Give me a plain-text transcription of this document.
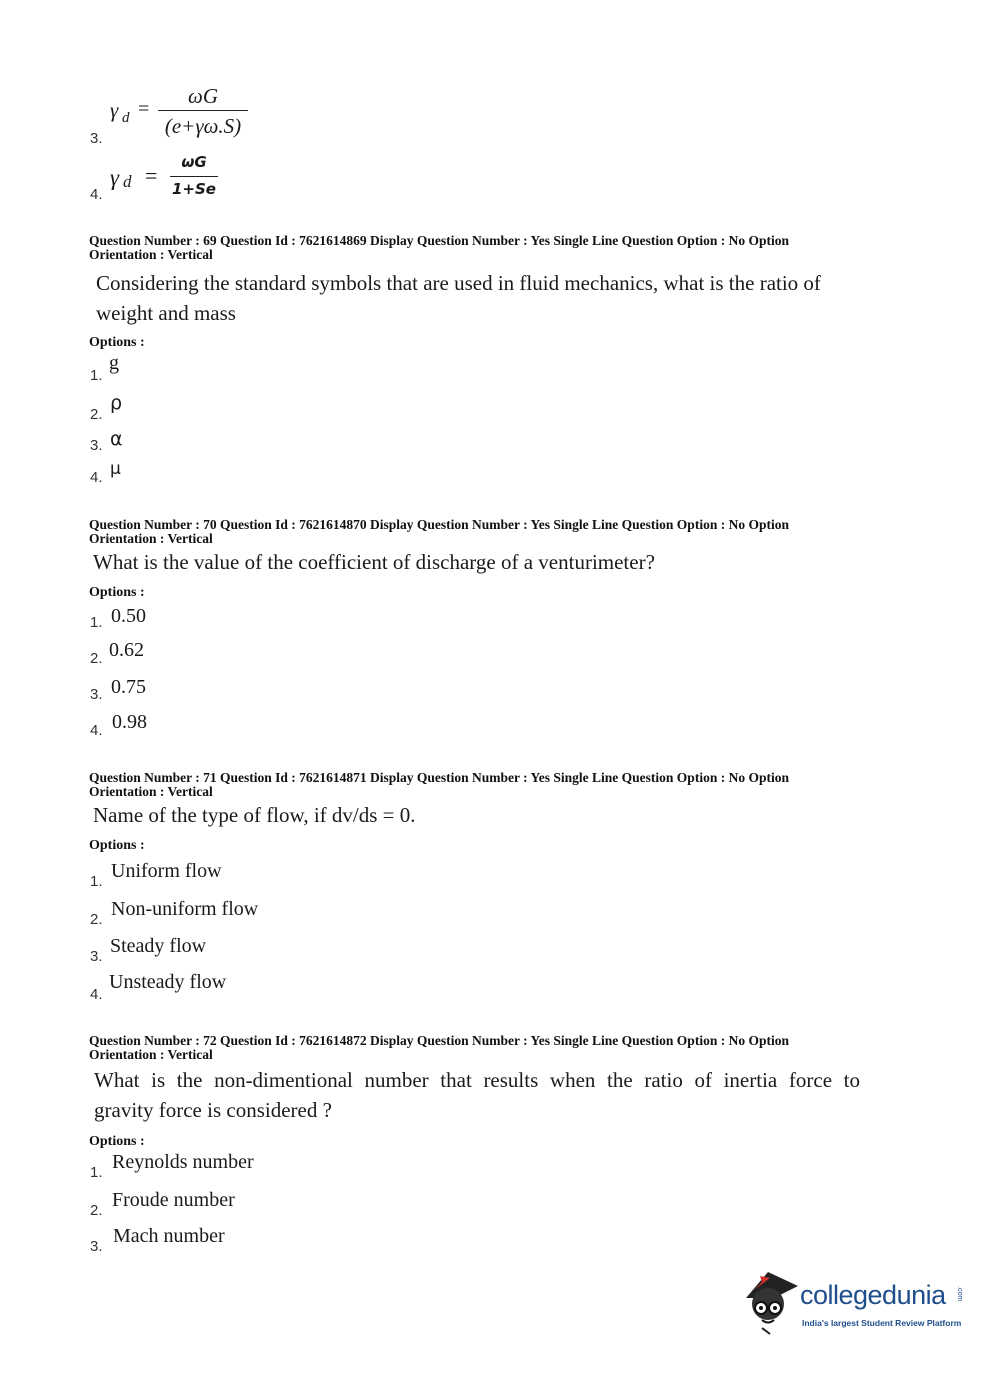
3.
γ d =
ωG
(e+γω.S)
4.
γ d =
ωG
1+Se
Question Number : 69 Question Id : 7621614869 Display Question Number : Yes Single Line Question Option : No Option
Orientation : Vertical
Considering the standard symbols that are used in fluid mechanics, what is the ratio of
weight and mass
Options :
1.
g
2.
ρ
3. α
4. μ
Question Number : 70 Question Id : 7621614870 Display Question Number : Yes Single Line Question Option : No Option
Orientation : Vertical
What is the value of the coefficient of discharge of a venturimeter?
Options :
1. 0.50
2. 0.62
3. 0.75
4. 0.98
Question Number : 71 Question Id : 7621614871 Display Question Number : Yes Single Line Question Option : No Option
Orientation : Vertical
Name of the type of flow, if dv/ds = 0.
Options :
1. Uniform flow
2. Non-uniform flow
3. Steady flow
4.
Unsteady flow
Question Number : 72 Question Id : 7621614872 Display Question Number : Yes Single Line Question Option : No Option
Orientation : Vertical
What is the non-dimentional number that results when the ratio of inertia force to
gravity force is considered ?
Options :
1. Reynolds number
2. Froude number
3. Mach number
collegedunia .com
India's largest Student Review Platform
